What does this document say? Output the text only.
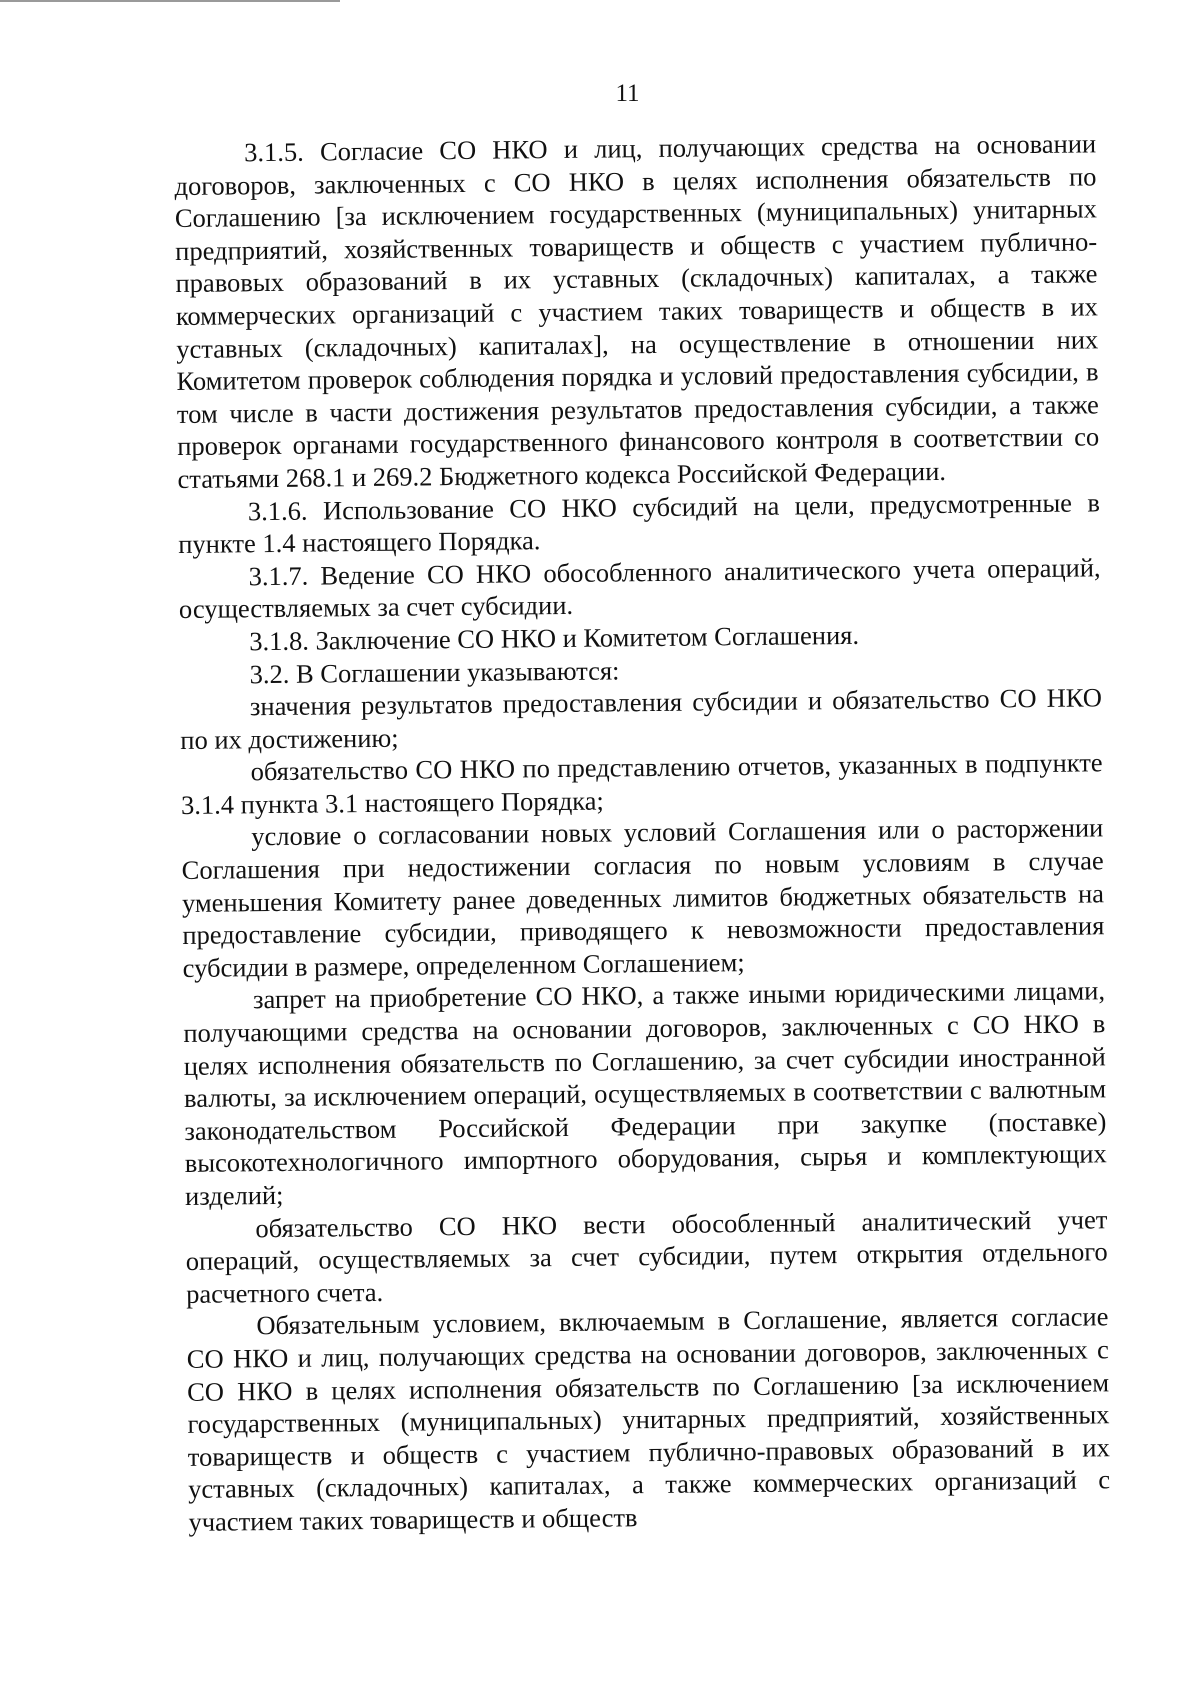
11

3.1.5. Согласие СО НКО и лиц, получающих средства на основании договоров, заключенных с СО НКО в целях исполнения обязательств по Соглашению [за исключением государственных (муниципальных) унитарных предприятий, хозяйственных товариществ и обществ с участием публично-правовых образований в их уставных (складочных) капиталах, а также коммерческих организаций с участием таких товариществ и обществ в их уставных (складочных) капиталах], на осуществление в отношении них Комитетом проверок соблюдения порядка и условий предоставления субсидии, в том числе в части достижения результатов предоставления субсидии, а также проверок органами государственного финансового контроля в соответствии со статьями 268.1 и 269.2 Бюджетного кодекса Российской Федерации.

3.1.6. Использование СО НКО субсидий на цели, предусмотренные в пункте 1.4 настоящего Порядка.

3.1.7. Ведение СО НКО обособленного аналитического учета операций, осуществляемых за счет субсидии.

3.1.8. Заключение СО НКО и Комитетом Соглашения.

3.2. В Соглашении указываются:

значения результатов предоставления субсидии и обязательство СО НКО по их достижению;

обязательство СО НКО по представлению отчетов, указанных в подпункте 3.1.4 пункта 3.1 настоящего Порядка;

условие о согласовании новых условий Соглашения или о расторжении Соглашения при недостижении согласия по новым условиям в случае уменьшения Комитету ранее доведенных лимитов бюджетных обязательств на предоставление субсидии, приводящего к невозможности предоставления субсидии в размере, определенном Соглашением;

запрет на приобретение СО НКО, а также иными юридическими лицами, получающими средства на основании договоров, заключенных с СО НКО в целях исполнения обязательств по Соглашению, за счет субсидии иностранной валюты, за исключением операций, осуществляемых в соответствии с валютным законодательством Российской Федерации при закупке (поставке) высокотехнологичного импортного оборудования, сырья и комплектующих изделий;

обязательство СО НКО вести обособленный аналитический учет операций, осуществляемых за счет субсидии, путем открытия отдельного расчетного счета.

Обязательным условием, включаемым в Соглашение, является согласие СО НКО и лиц, получающих средства на основании договоров, заключенных с СО НКО в целях исполнения обязательств по Соглашению [за исключением государственных (муниципальных) унитарных предприятий, хозяйственных товариществ и обществ с участием публично-правовых образований в их уставных (складочных) капиталах, а также коммерческих организаций с участием таких товариществ и обществ
